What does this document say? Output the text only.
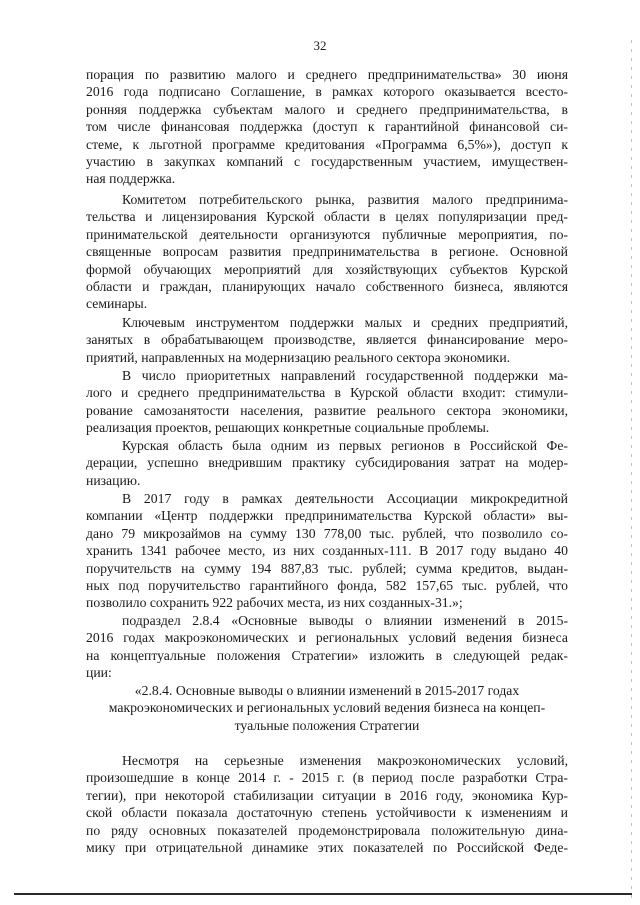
32
порация по развитию малого и среднего предпринимательства» 30 июня
2016 года подписано Соглашение, в рамках которого оказывается всесто-
ронняя поддержка субъектам малого и среднего предпринимательства, в
том числе финансовая поддержка (доступ к гарантийной финансовой си-
стеме, к льготной программе кредитования «Программа 6,5%»), доступ к
участию в закупках компаний с государственным участием, имуществен-
ная поддержка.
Комитетом потребительского рынка, развития малого предпринима-
тельства и лицензирования Курской области в целях популяризации пред-
принимательской деятельности организуются публичные мероприятия, по-
священные вопросам развития предпринимательства в регионе. Основной
формой обучающих мероприятий для хозяйствующих субъектов Курской
области и граждан, планирующих начало собственного бизнеса, являются
семинары.
Ключевым инструментом поддержки малых и средних предприятий,
занятых в обрабатывающем производстве, является финансирование меро-
приятий, направленных на модернизацию реального сектора экономики.
В число приоритетных направлений государственной поддержки ма-
лого и среднего предпринимательства в Курской области входит: стимули-
рование самозанятости населения, развитие реального сектора экономики,
реализация проектов, решающих конкретные социальные проблемы.
Курская область была одним из первых регионов в Российской Фе-
дерации, успешно внедрившим практику субсидирования затрат на модер-
низацию.
В 2017 году в рамках деятельности Ассоциации микрокредитной
компании «Центр поддержки предпринимательства Курской области» вы-
дано 79 микрозаймов на сумму 130 778,00 тыс. рублей, что позволило со-
хранить 1341 рабочее место, из них созданных-111. В 2017 году выдано 40
поручительств на сумму 194 887,83 тыс. рублей; сумма кредитов, выдан-
ных под поручительство гарантийного фонда, 582 157,65 тыс. рублей, что
позволило сохранить 922 рабочих места, из них созданных-31.»;
подраздел 2.8.4 «Основные выводы о влиянии изменений в 2015-
2016 годах макроэкономических и региональных условий ведения бизнеса
на концептуальные положения Стратегии» изложить в следующей редак-
ции:
«2.8.4. Основные выводы о влиянии изменений в 2015-2017 годах
макроэкономических и региональных условий ведения бизнеса на концеп-
туальные положения Стратегии
Несмотря на серьезные изменения макроэкономических условий,
произошедшие в конце 2014 г. - 2015 г. (в период после разработки Стра-
тегии), при некоторой стабилизации ситуации в 2016 году, экономика Кур-
ской области показала достаточную степень устойчивости к изменениям и
по ряду основных показателей продемонстрировала положительную дина-
мику при отрицательной динамике этих показателей по Российской Феде-
